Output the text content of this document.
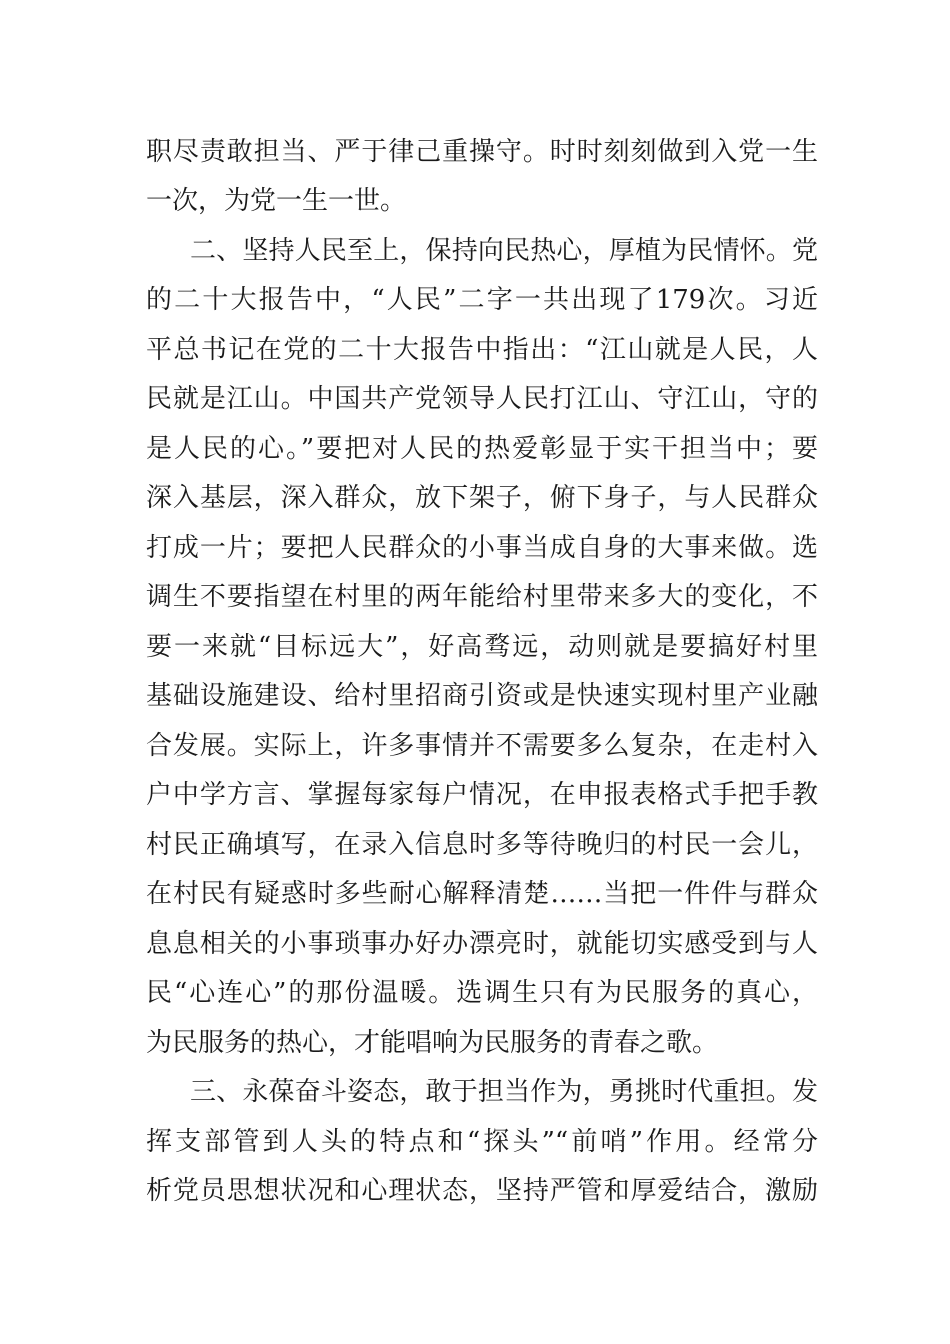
职尽责敢担当、严于律己重操守。时时刻刻做到入党一生
一次，为党一生一世。
二、坚持人民至上，保持向民热心，厚植为民情怀。党
的二十大报告中，“人民”二字一共出现了179次。习近
平总书记在党的二十大报告中指出：“江山就是人民，人
民就是江山。中国共产党领导人民打江山、守江山，守的
是人民的心。”要把对人民的热爱彰显于实干担当中；要
深入基层，深入群众，放下架子，俯下身子，与人民群众
打成一片；要把人民群众的小事当成自身的大事来做。选
调生不要指望在村里的两年能给村里带来多大的变化，不
要一来就“目标远大”，好高骛远，动则就是要搞好村里
基础设施建设、给村里招商引资或是快速实现村里产业融
合发展。实际上，许多事情并不需要多么复杂，在走村入
户中学方言、掌握每家每户情况，在申报表格式手把手教
村民正确填写，在录入信息时多等待晚归的村民一会儿，
在村民有疑惑时多些耐心解释清楚……当把一件件与群众
息息相关的小事琐事办好办漂亮时，就能切实感受到与人
民“心连心”的那份温暖。选调生只有为民服务的真心，
为民服务的热心，才能唱响为民服务的青春之歌。
三、永葆奋斗姿态，敢于担当作为，勇挑时代重担。发
挥支部管到人头的特点和“探头”“前哨”作用。经常分
析党员思想状况和心理状态，坚持严管和厚爱结合，激励
